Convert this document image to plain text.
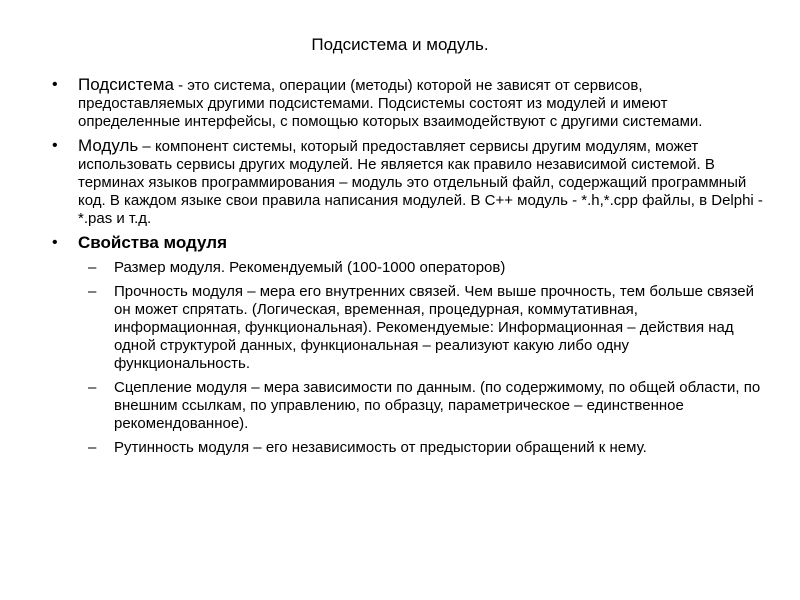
Подсистема и модуль.
• Подсистема - это система, операции (методы) которой не зависят от сервисов, предоставляемых другими подсистемами. Подсистемы состоят из модулей и имеют определенные интерфейсы, с помощью которых взаимодействуют с другими системами.
• Модуль – компонент системы, который предоставляет сервисы другим модулям, может использовать сервисы других модулей. Не является как правило независимой системой. В терминах языков программирования – модуль это отдельный файл, содержащий программный код. В каждом языке свои правила написания модулей. В С++ модуль - *.h,*.cpp файлы, в Delphi - *.pas и т.д.
• Свойства модуля
– Размер модуля. Рекомендуемый (100-1000 операторов)
– Прочность модуля – мера его внутренних связей. Чем выше прочность, тем больше связей он может спрятать. (Логическая, временная, процедурная, коммутативная, информационная, функциональная). Рекомендуемые: Информационная – действия над одной структурой данных, функциональная – реализуют какую либо одну функциональность.
– Сцепление модуля – мера зависимости по данным. (по содержимому, по общей области, по внешним ссылкам, по управлению, по образцу, параметрическое – единственное рекомендованное).
– Рутинность модуля – его независимость от предыстории обращений к нему.
